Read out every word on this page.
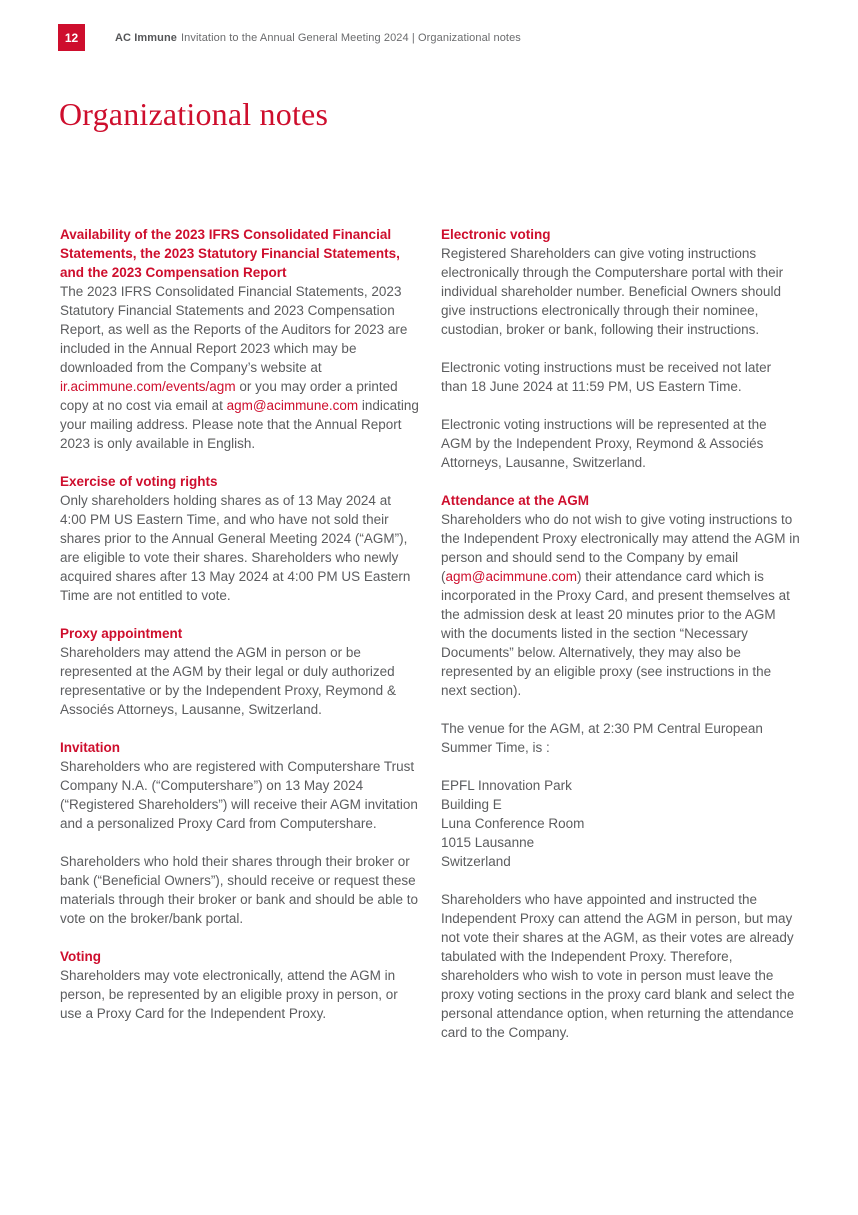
12	AC Immune Invitation to the Annual General Meeting 2024 | Organizational notes
Organizational notes
Availability of the 2023 IFRS Consolidated Financial Statements, the 2023 Statutory Financial Statements, and the 2023 Compensation Report

The 2023 IFRS Consolidated Financial Statements, 2023 Statutory Financial Statements and 2023 Compensation Report, as well as the Reports of the Auditors for 2023 are included in the Annual Report 2023 which may be downloaded from the Company’s website at ir.acimmune.com/events/agm or you may order a printed copy at no cost via email at agm@acimmune.com indicating your mailing address. Please note that the Annual Report 2023 is only available in English.

Exercise of voting rights

Only shareholders holding shares as of 13 May 2024 at 4:00 PM US Eastern Time, and who have not sold their shares prior to the Annual General Meeting 2024 (“AGM”), are eligible to vote their shares. Shareholders who newly acquired shares after 13 May 2024 at 4:00 PM US Eastern Time are not entitled to vote.

Proxy appointment

Shareholders may attend the AGM in person or be represented at the AGM by their legal or duly authorized representative or by the Independent Proxy, Reymond & Associés Attorneys, Lausanne, Switzerland.

Invitation

Shareholders who are registered with Computershare Trust Company N.A. (“Computershare”) on 13 May 2024 (“Registered Shareholders”) will receive their AGM invitation and a personalized Proxy Card from Computershare.

Shareholders who hold their shares through their broker or bank (“Beneficial Owners”), should receive or request these materials through their broker or bank and should be able to vote on the broker/bank portal.

Voting

Shareholders may vote electronically, attend the AGM in person, be represented by an eligible proxy in person, or use a Proxy Card for the Independent Proxy.

Electronic voting

Registered Shareholders can give voting instructions electronically through the Computershare portal with their individual shareholder number. Beneficial Owners should give instructions electronically through their nominee, custodian, broker or bank, following their instructions.

Electronic voting instructions must be received not later than 18 June 2024 at 11:59 PM, US Eastern Time.

Electronic voting instructions will be represented at the AGM by the Independent Proxy, Reymond & Associés Attorneys, Lausanne, Switzerland.

Attendance at the AGM

Shareholders who do not wish to give voting instructions to the Independent Proxy electronically may attend the AGM in person and should send to the Company by email (agm@acimmune.com) their attendance card which is incorporated in the Proxy Card, and present themselves at the admission desk at least 20 minutes prior to the AGM with the documents listed in the section “Necessary Documents” below. Alternatively, they may also be represented by an eligible proxy (see instructions in the next section).

The venue for the AGM, at 2:30 PM Central European Summer Time, is :

EPFL Innovation Park

Building E

Luna Conference Room

1015 Lausanne

Switzerland

Shareholders who have appointed and instructed the Independent Proxy can attend the AGM in person, but may not vote their shares at the AGM, as their votes are already tabulated with the Independent Proxy. Therefore, shareholders who wish to vote in person must leave the proxy voting sections in the proxy card blank and select the personal attendance option, when returning the attendance card to the Company.
